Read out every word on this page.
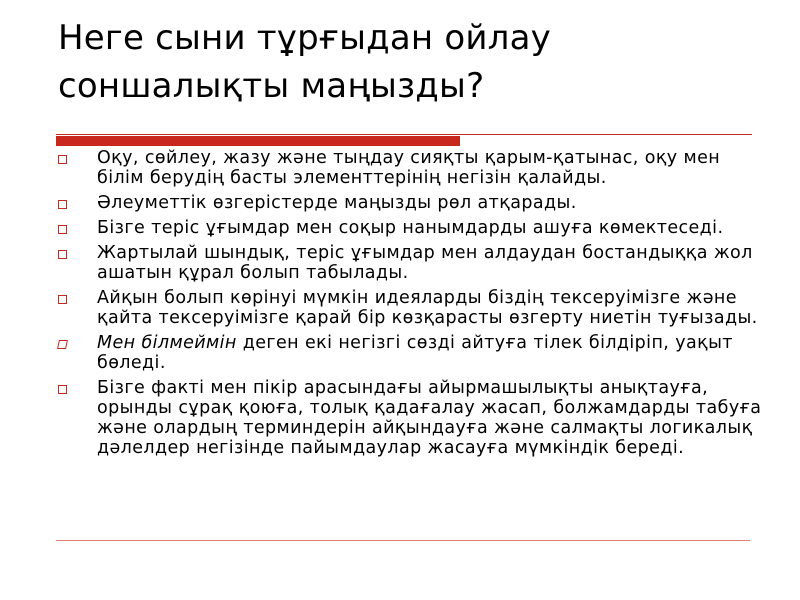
Неге сыни тұрғыдан ойлау
соншалықты маңызды?
Оқу, сөйлеу, жазу және тыңдау сияқты қарым-қатынас, оқу мен білім берудің басты элементтерінің негізін қалайды.
Әлеуметтік өзгерістерде маңызды рөл атқарады.
Бізге теріс ұғымдар мен соқыр нанымдарды ашуға көмектеседі.
Жартылай шындық, теріс ұғымдар мен алдаудан бостандыққа жол ашатын құрал болып табылады.
Айқын болып көрінуі мүмкін идеяларды біздің тексеруімізге және қайта тексеруімізге қарай бір көзқарасты өзгерту ниетін туғызады.
Мен білмеймін деген екі негізгі сөзді айтуға тілек білдіріп, уақыт бөледі.
Бізге факті мен пікір арасындағы айырмашылықты анықтауға, орынды сұрақ қоюға, толық қадағалау жасап, болжамдарды табуға және олардың терминдерін айқындауға және салмақты логикалық дәлелдер негізінде пайымдаулар жасауға мүмкіндік береді.
